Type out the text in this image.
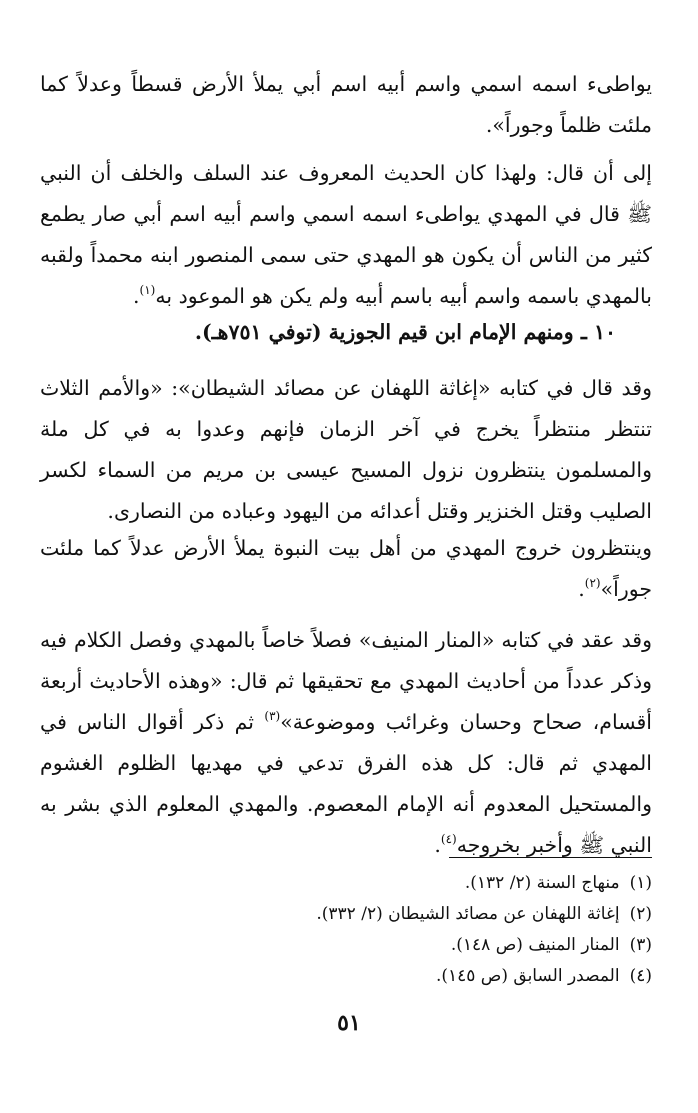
يواطىء اسمه اسمي واسم أبيه اسم أبي يملأ الأرض قسطاً وعدلاً كما ملئت ظلماً وجوراً».

إلى أن قال: ولهذا كان الحديث المعروف عند السلف والخلف أن النبي ﷺ قال في المهدي يواطىء اسمه اسمي واسم أبيه اسم أبي صار يطمع كثير من الناس أن يكون هو المهدي حتى سمى المنصور ابنه محمداً ولقبه بالمهدي باسمه واسم أبيه باسم أبيه ولم يكن هو الموعود به$^{(١)}$.

١٠ ـ ومنهم الإمام ابن قيم الجوزية (توفي ٧٥١هـ).

وقد قال في كتابه «إغاثة اللهفان عن مصائد الشيطان»: «والأمم الثلاث تنتظر منتظراً يخرج في آخر الزمان فإنهم وعدوا به في كل ملة والمسلمون ينتظرون نزول المسيح عيسى بن مريم من السماء لكسر الصليب وقتل الخنزير وقتل أعدائه من اليهود وعباده من النصارى.

وينتظرون خروج المهدي من أهل بيت النبوة يملأ الأرض عدلاً كما ملئت جوراً»$^{(٢)}$.

وقد عقد في كتابه «المنار المنيف» فصلاً خاصاً بالمهدي وفصل الكلام فيه وذكر عدداً من أحاديث المهدي مع تحقيقها ثم قال: «وهذه الأحاديث أربعة أقسام، صحاح وحسان وغرائب وموضوعة»$^{(٣)}$ ثم ذكر أقوال الناس في المهدي ثم قال: كل هذه الفرق تدعي في مهديها الظلوم الغشوم والمستحيل المعدوم أنه الإمام المعصوم. والمهدي المعلوم الذي بشر به النبي ﷺ وأخبر بخروجه$^{(٤)}$.

(١)منهاج السنة (٢/ ١٣٢).
(٢)إغاثة اللهفان عن مصائد الشيطان (٢/ ٣٣٢).
(٣)المنار المنيف (ص ١٤٨).
(٤)المصدر السابق (ص ١٤٥).
٥١
